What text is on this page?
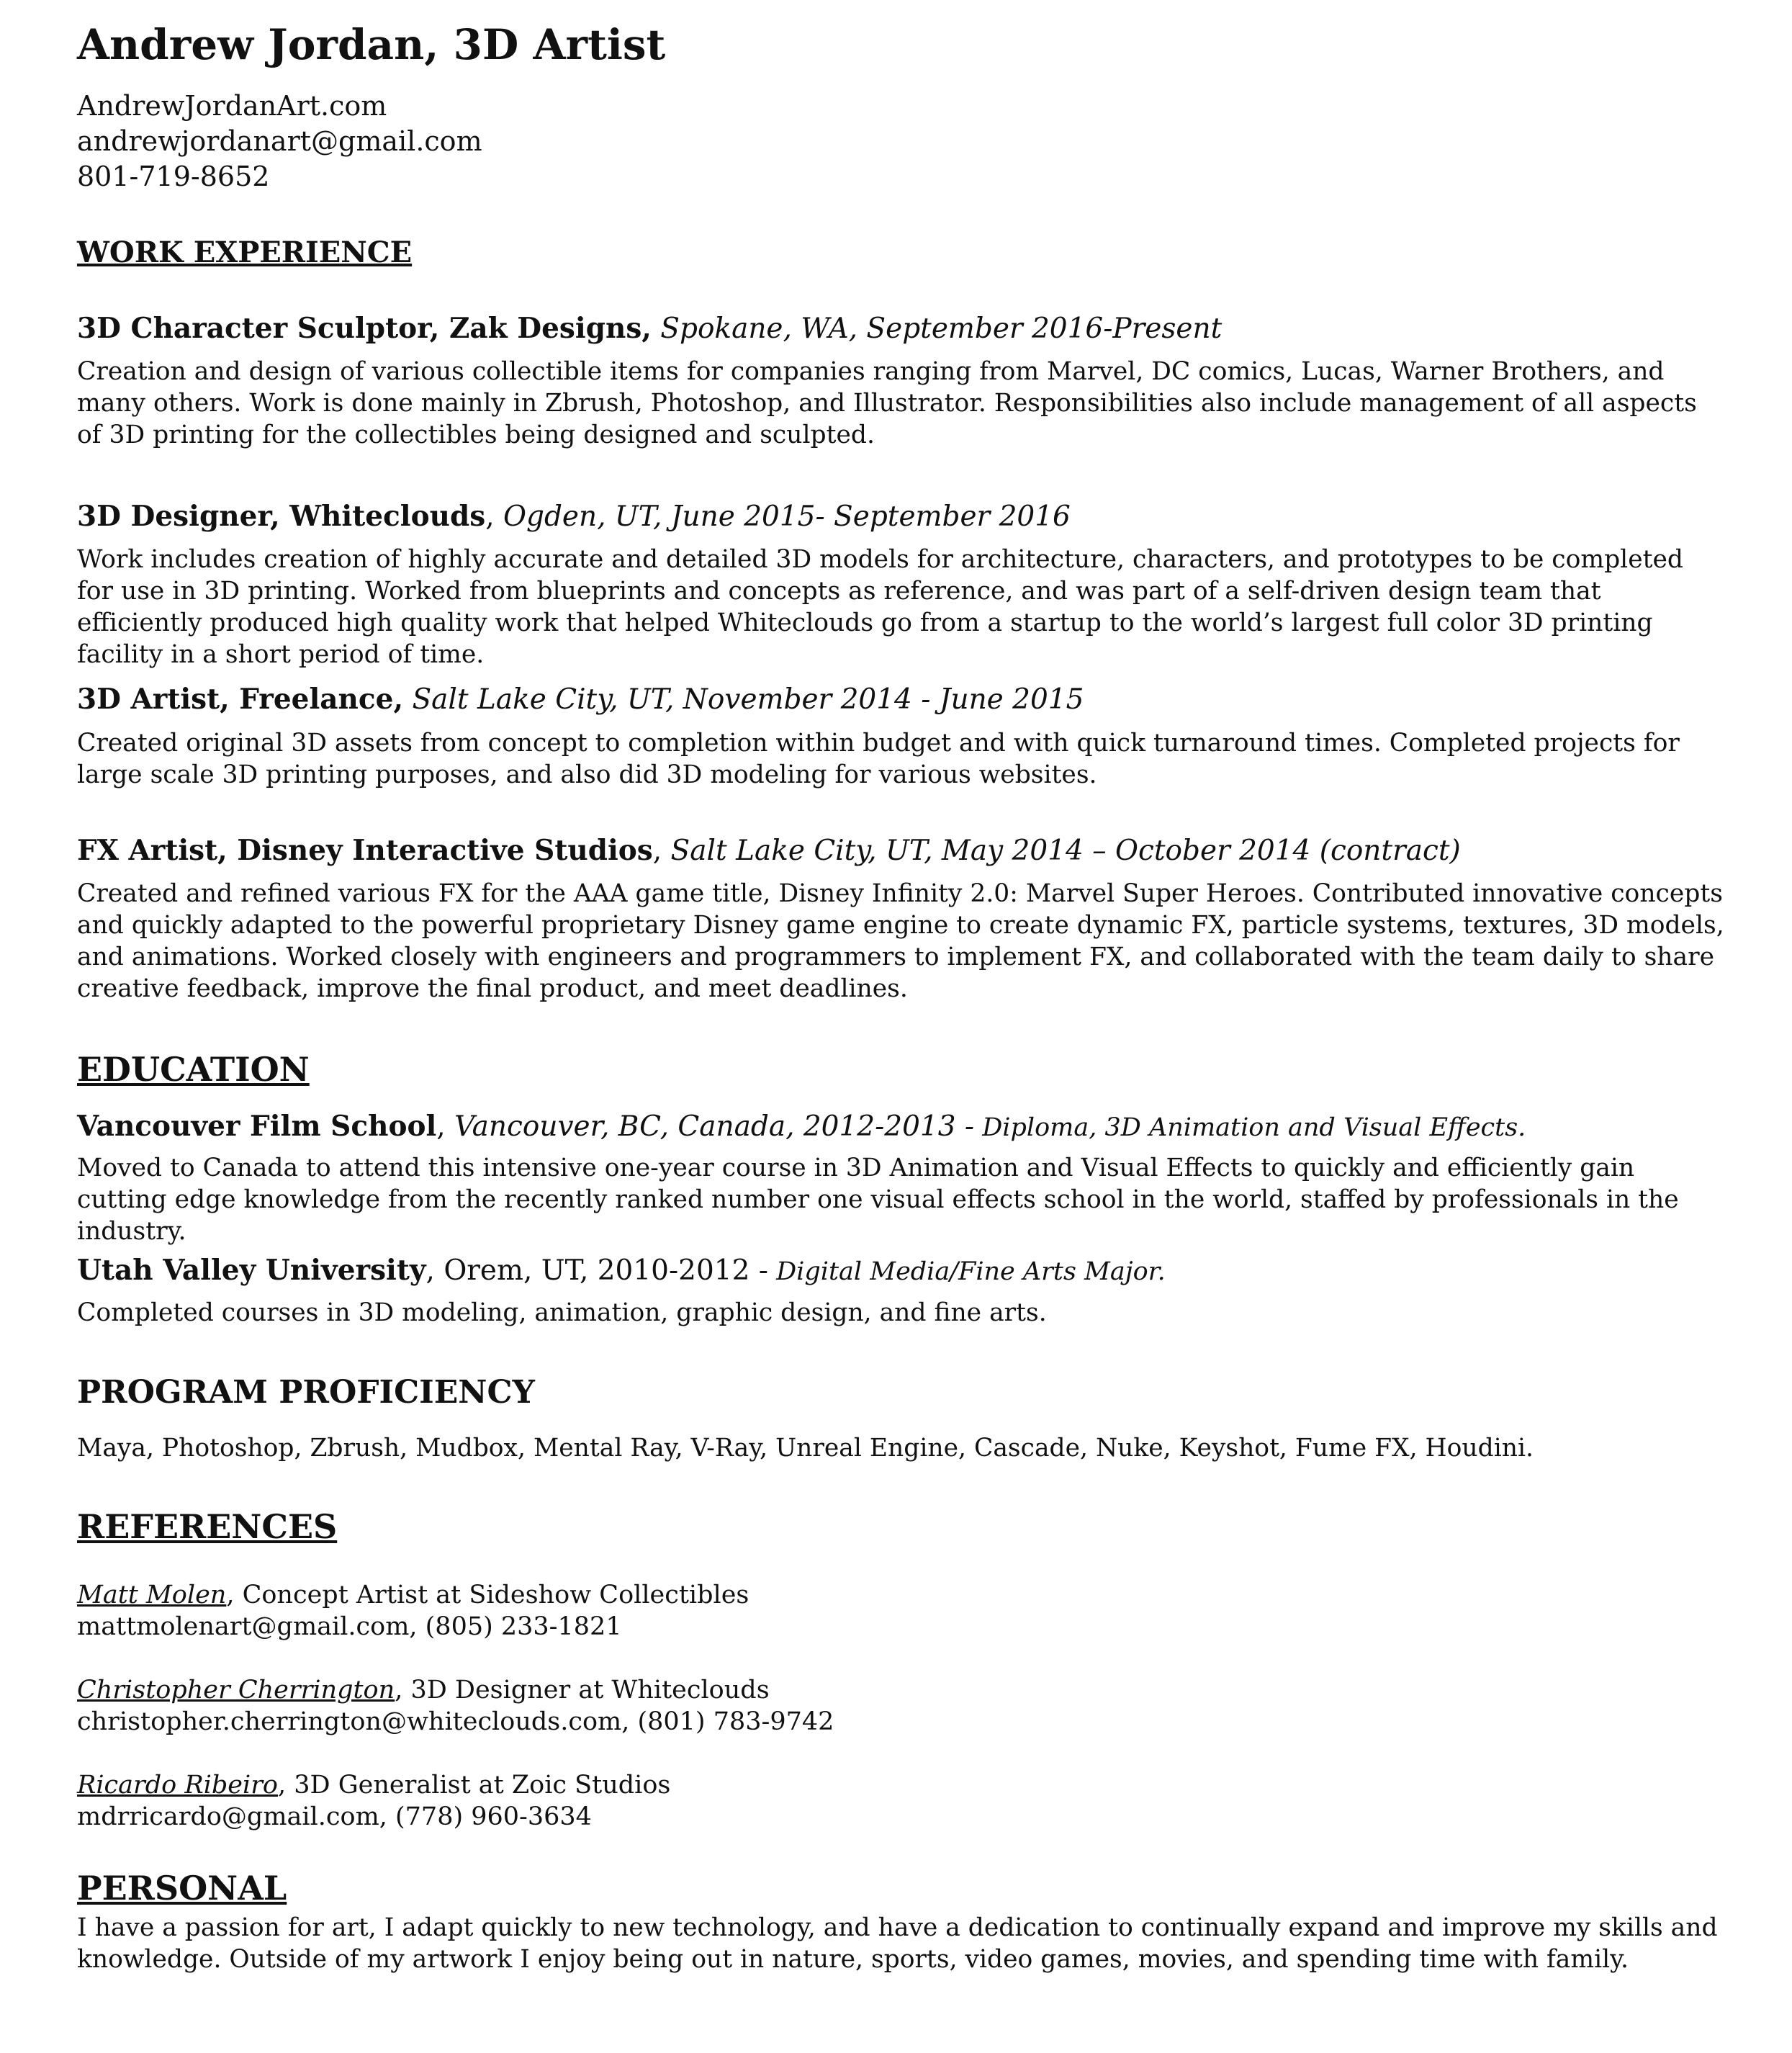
Andrew Jordan, 3D Artist
AndrewJordanArt.com
andrewjordanart@gmail.com
801-719-8652
WORK EXPERIENCE
3D Character Sculptor, Zak Designs, Spokane, WA, September 2016-Present
Creation and design of various collectible items for companies ranging from Marvel, DC comics, Lucas, Warner Brothers, and many others. Work is done mainly in Zbrush, Photoshop, and Illustrator. Responsibilities also include management of all aspects of 3D printing for the collectibles being designed and sculpted.
3D Designer, Whiteclouds, Ogden, UT, June 2015- September 2016
Work includes creation of highly accurate and detailed 3D models for architecture, characters, and prototypes to be completed for use in 3D printing. Worked from blueprints and concepts as reference, and was part of a self-driven design team that efficiently produced high quality work that helped Whiteclouds go from a startup to the world’s largest full color 3D printing facility in a short period of time.
3D Artist, Freelance, Salt Lake City, UT, November 2014 - June 2015
Created original 3D assets from concept to completion within budget and with quick turnaround times. Completed projects for large scale 3D printing purposes, and also did 3D modeling for various websites.
FX Artist, Disney Interactive Studios, Salt Lake City, UT, May 2014 – October 2014 (contract)
Created and refined various FX for the AAA game title, Disney Infinity 2.0: Marvel Super Heroes. Contributed innovative concepts and quickly adapted to the powerful proprietary Disney game engine to create dynamic FX, particle systems, textures, 3D models, and animations. Worked closely with engineers and programmers to implement FX, and collaborated with the team daily to share creative feedback, improve the final product, and meet deadlines.
EDUCATION
Vancouver Film School, Vancouver, BC, Canada, 2012-2013 - Diploma, 3D Animation and Visual Effects.
Moved to Canada to attend this intensive one-year course in 3D Animation and Visual Effects to quickly and efficiently gain cutting edge knowledge from the recently ranked number one visual effects school in the world, staffed by professionals in the industry.
Utah Valley University, Orem, UT, 2010-2012 - Digital Media/Fine Arts Major.
Completed courses in 3D modeling, animation, graphic design, and fine arts.
PROGRAM PROFICIENCY
Maya, Photoshop, Zbrush, Mudbox, Mental Ray, V-Ray, Unreal Engine, Cascade, Nuke, Keyshot, Fume FX, Houdini.
REFERENCES
Matt Molen, Concept Artist at Sideshow Collectibles
mattmolenart@gmail.com, (805) 233-1821
Christopher Cherrington, 3D Designer at Whiteclouds
christopher.cherrington@whiteclouds.com, (801) 783-9742
Ricardo Ribeiro, 3D Generalist at Zoic Studios
mdrricardo@gmail.com, (778) 960-3634
PERSONAL
I have a passion for art, I adapt quickly to new technology, and have a dedication to continually expand and improve my skills and knowledge. Outside of my artwork I enjoy being out in nature, sports, video games, movies, and spending time with family.
